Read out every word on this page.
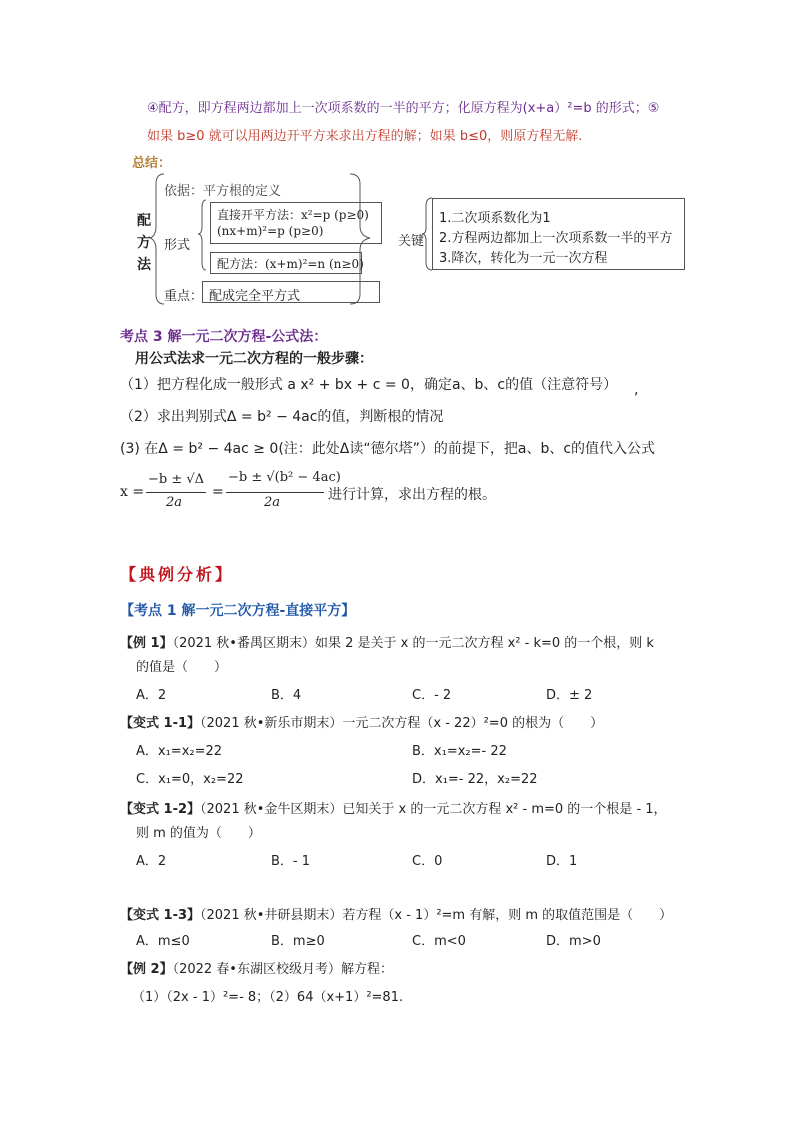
④配方，即方程两边都加上一次项系数的一半的平方；化原方程为(x+a）²=b 的形式；⑤
如果 b≥0 就可以用两边开平方来求出方程的解；如果 b≤0，则原方程无解.
总结：
配
方
法
依据：平方根的定义
形式
直接开平方法：x²=p (p≥0)
(nx+m)²=p (p≥0)
配方法：(x+m)²=n (n≥0)
重点： 配成完全平方式
关键
1.二次项系数化为1
2.方程两边都加上一次项系数一半的平方
3.降次，转化为一元一次方程
考点 3 解一元二次方程-公式法：
用公式法求一元二次方程的一般步骤：
（1）把方程化成一般形式 a x² + bx + c = 0，确定a、b、c的值（注意符号） ,
（2）求出判别式Δ = b² − 4ac的值，判断根的情况
(3) 在Δ = b² − 4ac ≥ 0(注：此处Δ读“德尔塔”）的前提下，把a、b、c的值代入公式
x =
−b ± √Δ
2a
=
−b ± √(b² − 4ac)
2a	进行计算，求出方程的根。
【典例分析】
【考点 1 解一元二次方程-直接平方】
【例 1】（2021 秋•番禺区期末）如果 2 是关于 x 的一元二次方程 x² - k=0 的一个根，则 k
的值是（　　）
A．2	B．4	C．- 2	D．± 2
【变式 1-1】（2021 秋•新乐市期末）一元二次方程（x - 22）²=0 的根为（　　）
A．x₁=x₂=22	B．x₁=x₂=- 22
C．x₁=0，x₂=22	D．x₁=- 22，x₂=22
【变式 1-2】（2021 秋•金牛区期末）已知关于 x 的一元二次方程 x² - m=0 的一个根是 - 1，
则 m 的值为（　　）
A．2	B．- 1	C．0	D．1
【变式 1-3】（2021 秋•井研县期末）若方程（x - 1）²=m 有解，则 m 的取值范围是（　　）
A．m≤0	B．m≥0	C．m<0	D．m>0
【例 2】（2022 春•东湖区校级月考）解方程：
（1）（2x - 1）²=- 8；（2）64（x+1）²=81.
